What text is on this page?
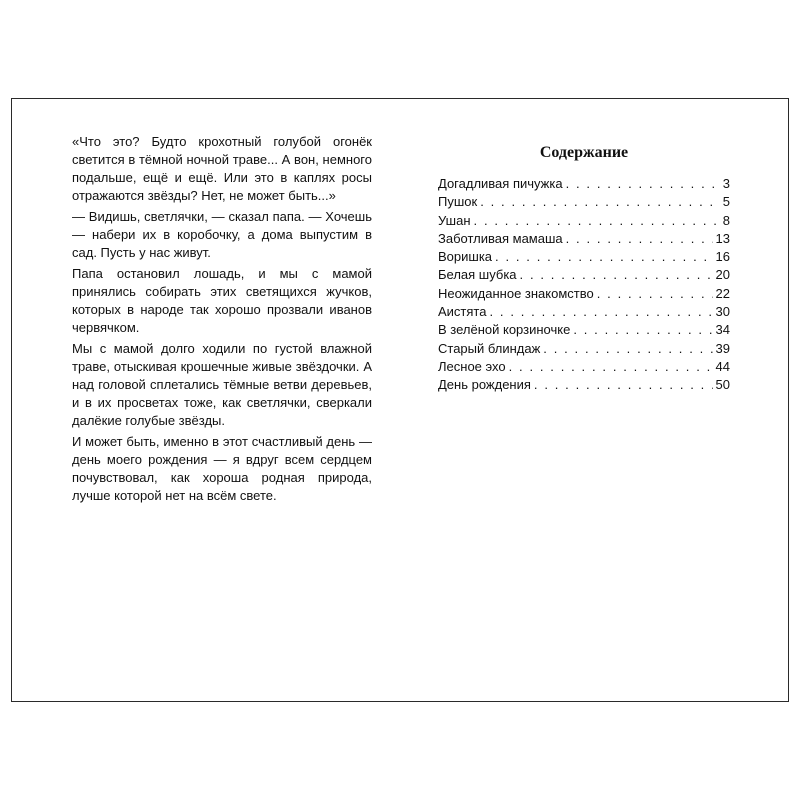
«Что это? Будто крохотный голубой огонёк светится в тёмной ночной траве... А вон, немного подальше, ещё и ещё. Или это в каплях росы отражаются звёзды? Нет, не может быть...»

— Видишь, светлячки, — сказал папа. — Хочешь — набери их в коробочку, а дома выпустим в сад. Пусть у нас живут.

Папа остановил лошадь, и мы с мамой принялись собирать этих светящихся жучков, которых в народе так хорошо прозвали иванов червячком.

Мы с мамой долго ходили по густой влажной траве, отыскивая крошечные живые звёздочки. А над головой сплетались тёмные ветви деревьев, и в их просветах тоже, как светлячки, сверкали далёкие голубые звёзды.

И может быть, именно в этот счастливый день — день моего рождения — я вдруг всем сердцем почувствовал, как хороша родная природа, лучше которой нет на всём свете.

Содержание
Догадливая пичужка . . .	3
Пушок . . .	5
Ушан . . .	8
Заботливая мамаша . . .	13
Воришка . . .	16
Белая шубка . . .	20
Неожиданное знакомство . . .	22
Аистята . . .	30
В зелёной корзиночке . . .	34
Старый блиндаж . . .	39
Лесное эхо . . .	44
День рождения . . .	50
